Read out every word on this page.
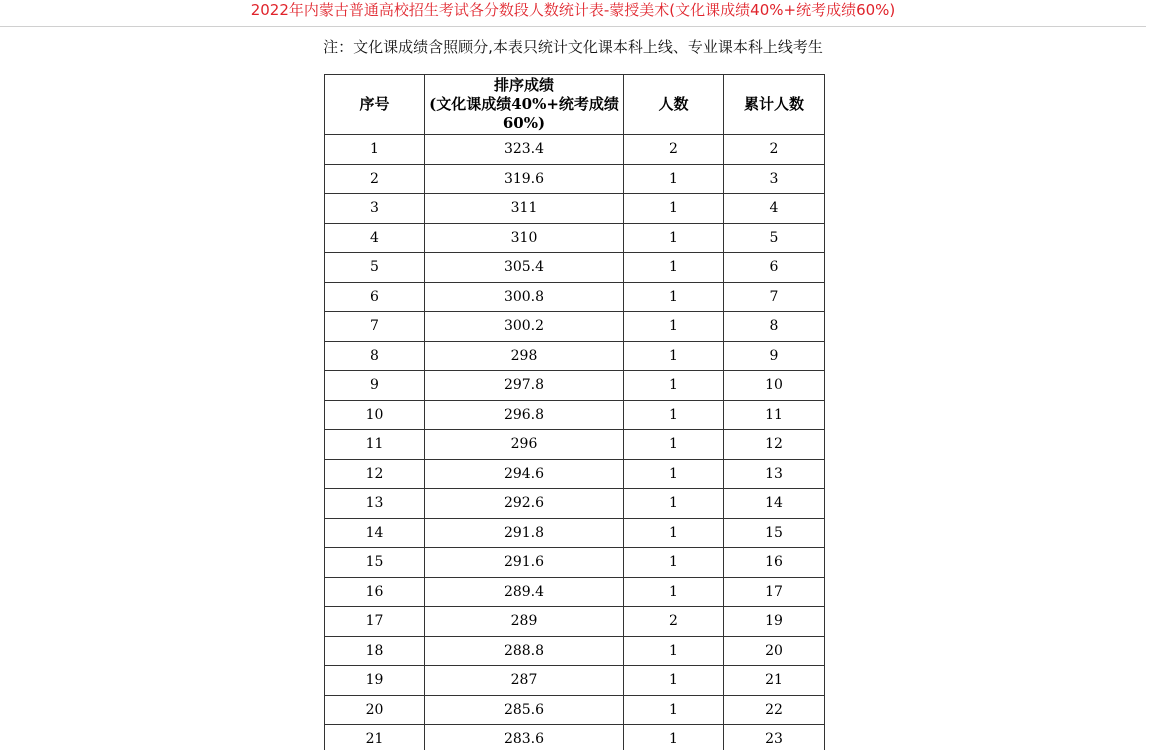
2022年内蒙古普通高校招生考试各分数段人数统计表-蒙授美术(文化课成绩40%+统考成绩60%)
注：文化课成绩含照顾分,本表只统计文化课本科上线、专业课本科上线考生
序号	排序成绩
(文化课成绩40%+统考成绩
60%)	人数	累计人数
1	323.4	2	2
2	319.6	1	3
3	311	1	4
4	310	1	5
5	305.4	1	6
6	300.8	1	7
7	300.2	1	8
8	298	1	9
9	297.8	1	10
10	296.8	1	11
11	296	1	12
12	294.6	1	13
13	292.6	1	14
14	291.8	1	15
15	291.6	1	16
16	289.4	1	17
17	289	2	19
18	288.8	1	20
19	287	1	21
20	285.6	1	22
21	283.6	1	23
